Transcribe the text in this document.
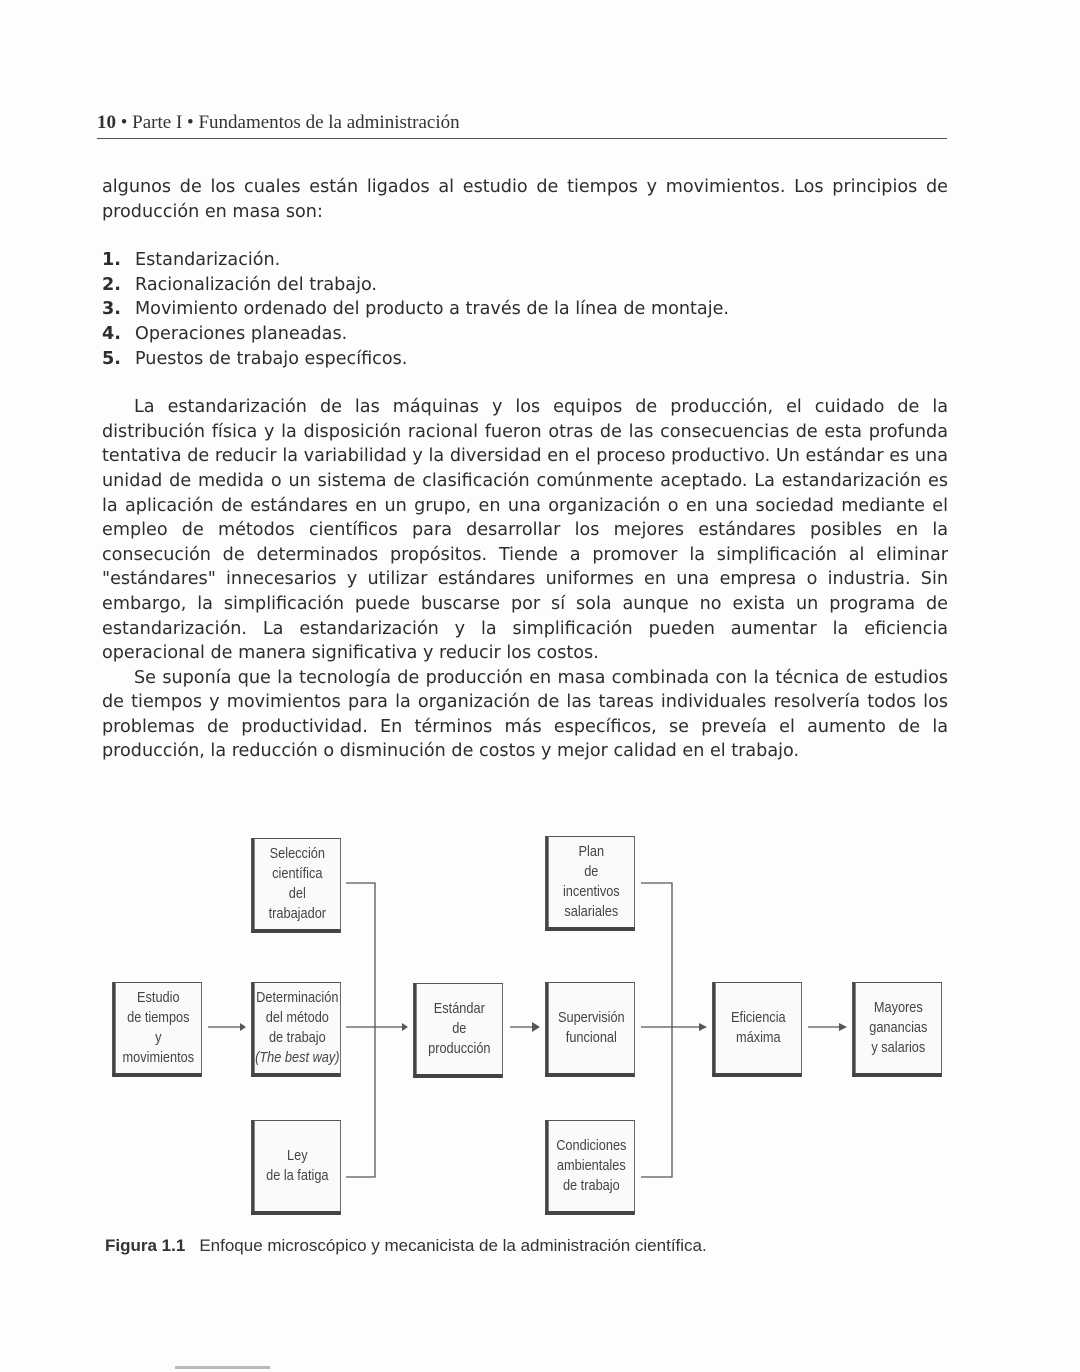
10 • Parte I • Fundamentos de la administración

algunos de los cuales están ligados al estudio de tiempos y movimientos. Los principios de producción en masa son:

1. Estandarización.
2. Racionalización del trabajo.
3. Movimiento ordenado del producto a través de la línea de montaje.
4. Operaciones planeadas.
5. Puestos de trabajo específicos.

La estandarización de las máquinas y los equipos de producción, el cuidado de la distribución física y la disposición racional fueron otras de las consecuencias de esta profunda tentativa de reducir la variabilidad y la diversidad en el proceso productivo. Un estándar es una unidad de medida o un sistema de clasificación comúnmente aceptado. La estandarización es la aplicación de estándares en un grupo, en una organización o en una sociedad mediante el empleo de métodos científicos para desarrollar los mejores estándares posibles en la consecución de determinados propósitos. Tiende a promover la simplificación al eliminar "estándares" innecesarios y utilizar estándares uniformes en una empresa o industria. Sin embargo, la simplificación puede buscarse por sí sola aunque no exista un programa de estandarización. La estandarización y la simplificación pueden aumentar la eficiencia operacional de manera significativa y reducir los costos.

Se suponía que la tecnología de producción en masa combinada con la técnica de estudios de tiempos y movimientos para la organización de las tareas individuales resolvería todos los problemas de productividad. En términos más específicos, se preveía el aumento de la producción, la reducción o disminución de costos y mejor calidad en el trabajo.

Estudio
de tiempos
y
movimientos
Selección
científica
del
trabajador
Determinación
del método
de trabajo
(The best way)
Ley
de la fatiga
Estándar
de
producción
Plan
de
incentivos
salariales
Supervisión
funcional
Condiciones
ambientales
de trabajo
Eficiencia
máxima
Mayores
ganancias
y salarios
Figura 1.1 Enfoque microscópico y mecanicista de la administración científica.
